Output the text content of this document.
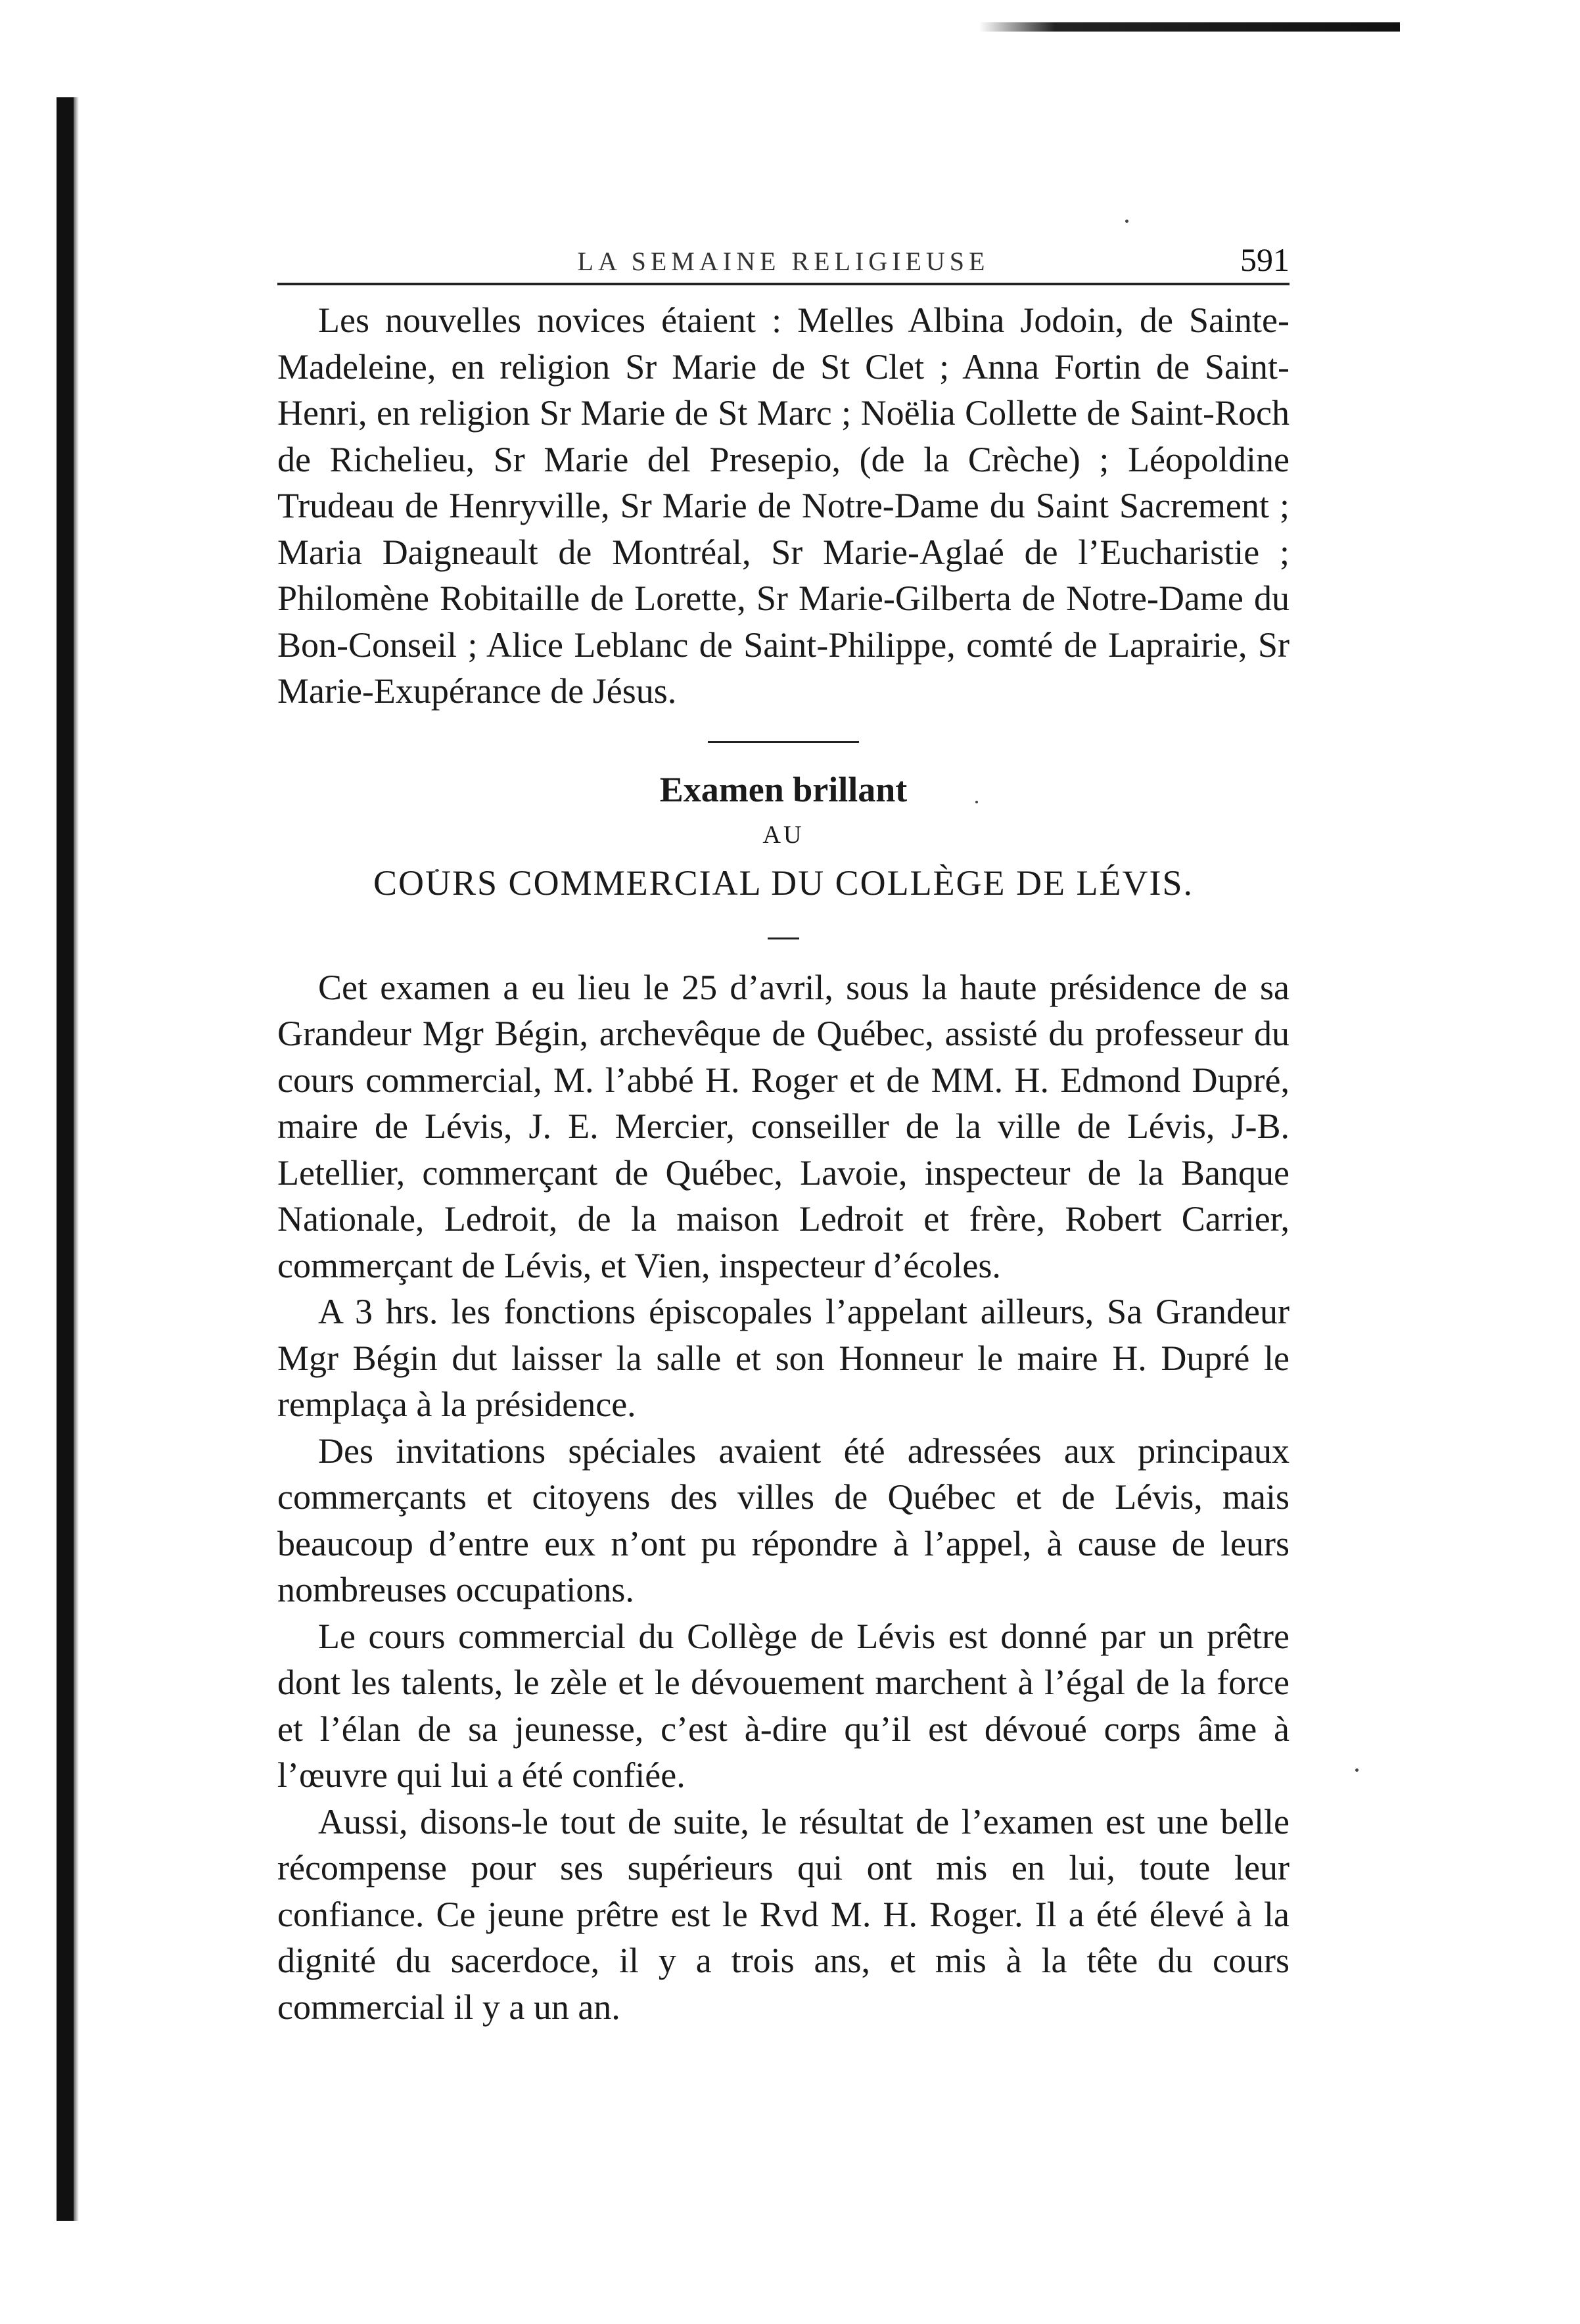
LA SEMAINE RELIGIEUSE	591

Les nouvelles novices étaient : Melles Albina Jodoin, de Sainte-Madeleine, en religion Sr Marie de St Clet ; Anna Fortin de Saint-Henri, en religion Sr Marie de St Marc ; Noëlia Collette de Saint-Roch de Richelieu, Sr Marie del Presepio, (de la Crèche) ; Léopoldine Trudeau de Henryville, Sr Marie de Notre-Dame du Saint Sacrement ; Maria Daigneault de Montréal, Sr Marie-Aglaé de l’Eucharistie ; Philomène Robitaille de Lorette, Sr Marie-Gilberta de Notre-Dame du Bon-Conseil ; Alice Leblanc de Saint-Philippe, comté de Laprairie, Sr Marie-Exupérance de Jésus.

Examen brillant
AU
COURS COMMERCIAL DU COLLÈGE DE LÉVIS.

Cet examen a eu lieu le 25 d’avril, sous la haute présidence de sa Grandeur Mgr Bégin, archevêque de Québec, assisté du professeur du cours commercial, M. l’abbé H. Roger et de MM. H. Edmond Dupré, maire de Lévis, J. E. Mercier, conseiller de la ville de Lévis, J-B. Letellier, commerçant de Québec, Lavoie, inspecteur de la Banque Nationale, Ledroit, de la maison Ledroit et frère, Robert Carrier, commerçant de Lévis, et Vien, inspecteur d’écoles.

A 3 hrs. les fonctions épiscopales l’appelant ailleurs, Sa Grandeur Mgr Bégin dut laisser la salle et son Honneur le maire H. Dupré le remplaça à la présidence.

Des invitations spéciales avaient été adressées aux principaux commerçants et citoyens des villes de Québec et de Lévis, mais beaucoup d’entre eux n’ont pu répondre à l’appel, à cause de leurs nombreuses occupations.

Le cours commercial du Collège de Lévis est donné par un prêtre dont les talents, le zèle et le dévouement marchent à l’égal de la force et l’élan de sa jeunesse, c’est à-dire qu’il est dévoué corps âme à l’œuvre qui lui a été confiée.

Aussi, disons-le tout de suite, le résultat de l’examen est une belle récompense pour ses supérieurs qui ont mis en lui, toute leur confiance. Ce jeune prêtre est le Rvd M. H. Roger. Il a été élevé à la dignité du sacerdoce, il y a trois ans, et mis à la tête du cours commercial il y a un an.
